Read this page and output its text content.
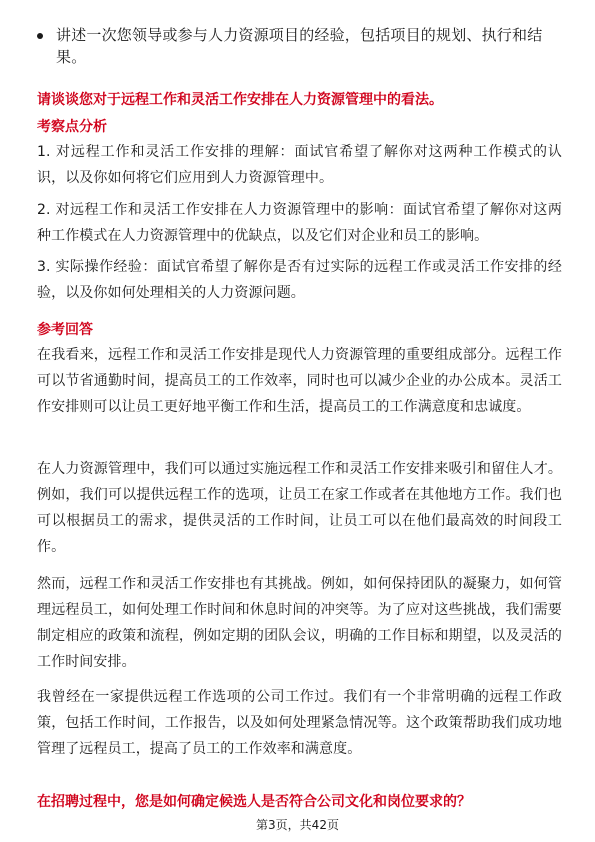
讲述一次您领导或参与人力资源项目的经验，包括项目的规划、执行和结果。
请谈谈您对于远程工作和灵活工作安排在人力资源管理中的看法。
考察点分析
1. 对远程工作和灵活工作安排的理解：面试官希望了解你对这两种工作模式的认识，以及你如何将它们应用到人力资源管理中。
2. 对远程工作和灵活工作安排在人力资源管理中的影响：面试官希望了解你对这两种工作模式在人力资源管理中的优缺点，以及它们对企业和员工的影响。
3. 实际操作经验：面试官希望了解你是否有过实际的远程工作或灵活工作安排的经验，以及你如何处理相关的人力资源问题。
参考回答
在我看来，远程工作和灵活工作安排是现代人力资源管理的重要组成部分。远程工作可以节省通勤时间，提高员工的工作效率，同时也可以减少企业的办公成本。灵活工作安排则可以让员工更好地平衡工作和生活，提高员工的工作满意度和忠诚度。
在人力资源管理中，我们可以通过实施远程工作和灵活工作安排来吸引和留住人才。例如，我们可以提供远程工作的选项，让员工在家工作或者在其他地方工作。我们也可以根据员工的需求，提供灵活的工作时间，让员工可以在他们最高效的时间段工作。
然而，远程工作和灵活工作安排也有其挑战。例如，如何保持团队的凝聚力，如何管理远程员工，如何处理工作时间和休息时间的冲突等。为了应对这些挑战，我们需要制定相应的政策和流程，例如定期的团队会议，明确的工作目标和期望，以及灵活的工作时间安排。
我曾经在一家提供远程工作选项的公司工作过。我们有一个非常明确的远程工作政策，包括工作时间，工作报告，以及如何处理紧急情况等。这个政策帮助我们成功地管理了远程员工，提高了员工的工作效率和满意度。
在招聘过程中，您是如何确定候选人是否符合公司文化和岗位要求的？
第3页，共42页
